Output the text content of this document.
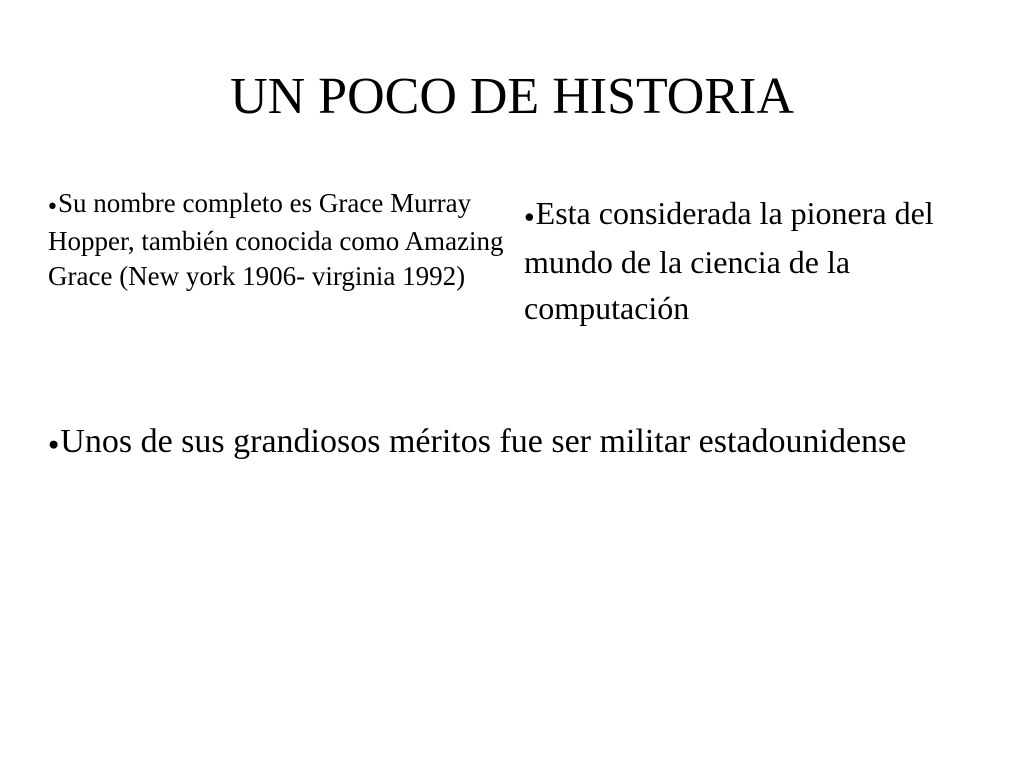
UN POCO DE HISTORIA

●Su nombre completo es Grace Murray Hopper, también conocida como Amazing Grace (New york 1906- virginia 1992)

●Esta considerada la pionera del mundo de la ciencia de la computación

●Unos de sus grandiosos méritos fue ser militar estadounidense
